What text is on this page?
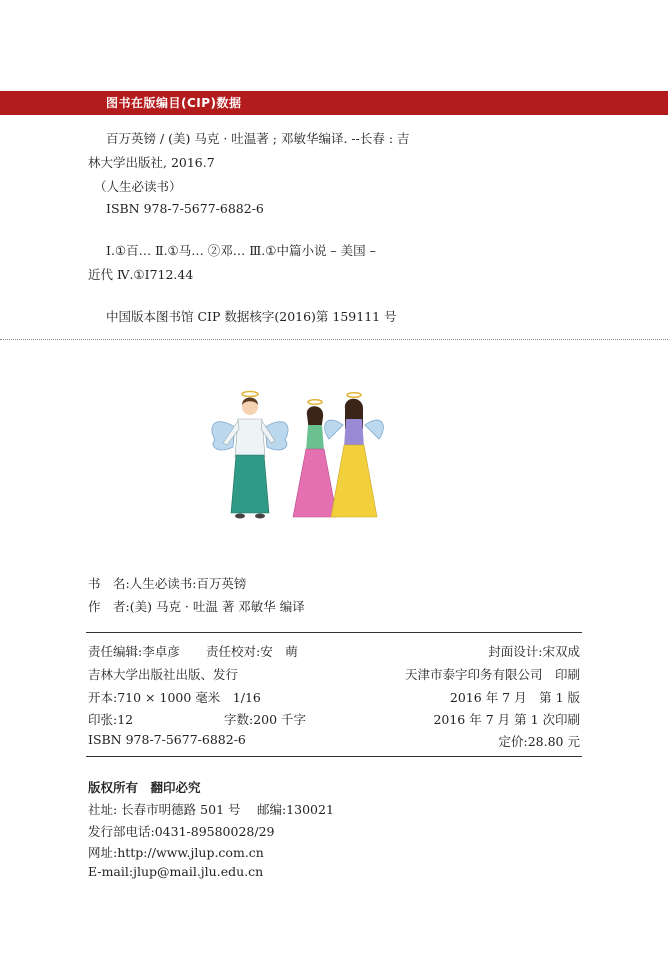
图书在版编目(CIP)数据
百万英镑 / (美) 马克 · 吐温著 ; 邓敏华编译. --长春 : 吉
林大学出版社, 2016.7
（人生必读书）
ISBN 978-7-5677-6882-6
Ⅰ.①百… Ⅱ.①马… ②邓… Ⅲ.①中篇小说 – 美国 –
近代 Ⅳ.①I712.44
中国版本图书馆 CIP 数据核字(2016)第 159111 号
书　名:人生必读书:百万英镑
作　者:(美) 马克 · 吐温 著 邓敏华 编译
责任编辑:李卓彦 责任校对:安　萌	封面设计:宋双成
吉林大学出版社出版、发行	天津市泰宇印务有限公司　印刷
开本:710 × 1000 毫米　1/16	2016 年 7 月　第 1 版
印张:12	字数:200 千字	2016 年 7 月 第 1 次印刷
ISBN 978-7-5677-6882-6	定价:28.80 元
版权所有　翻印必究
社址: 长春市明德路 501 号　 邮编:130021
发行部电话:0431-89580028/29
网址:http://www.jlup.com.cn
E-mail:jlup@mail.jlu.edu.cn
